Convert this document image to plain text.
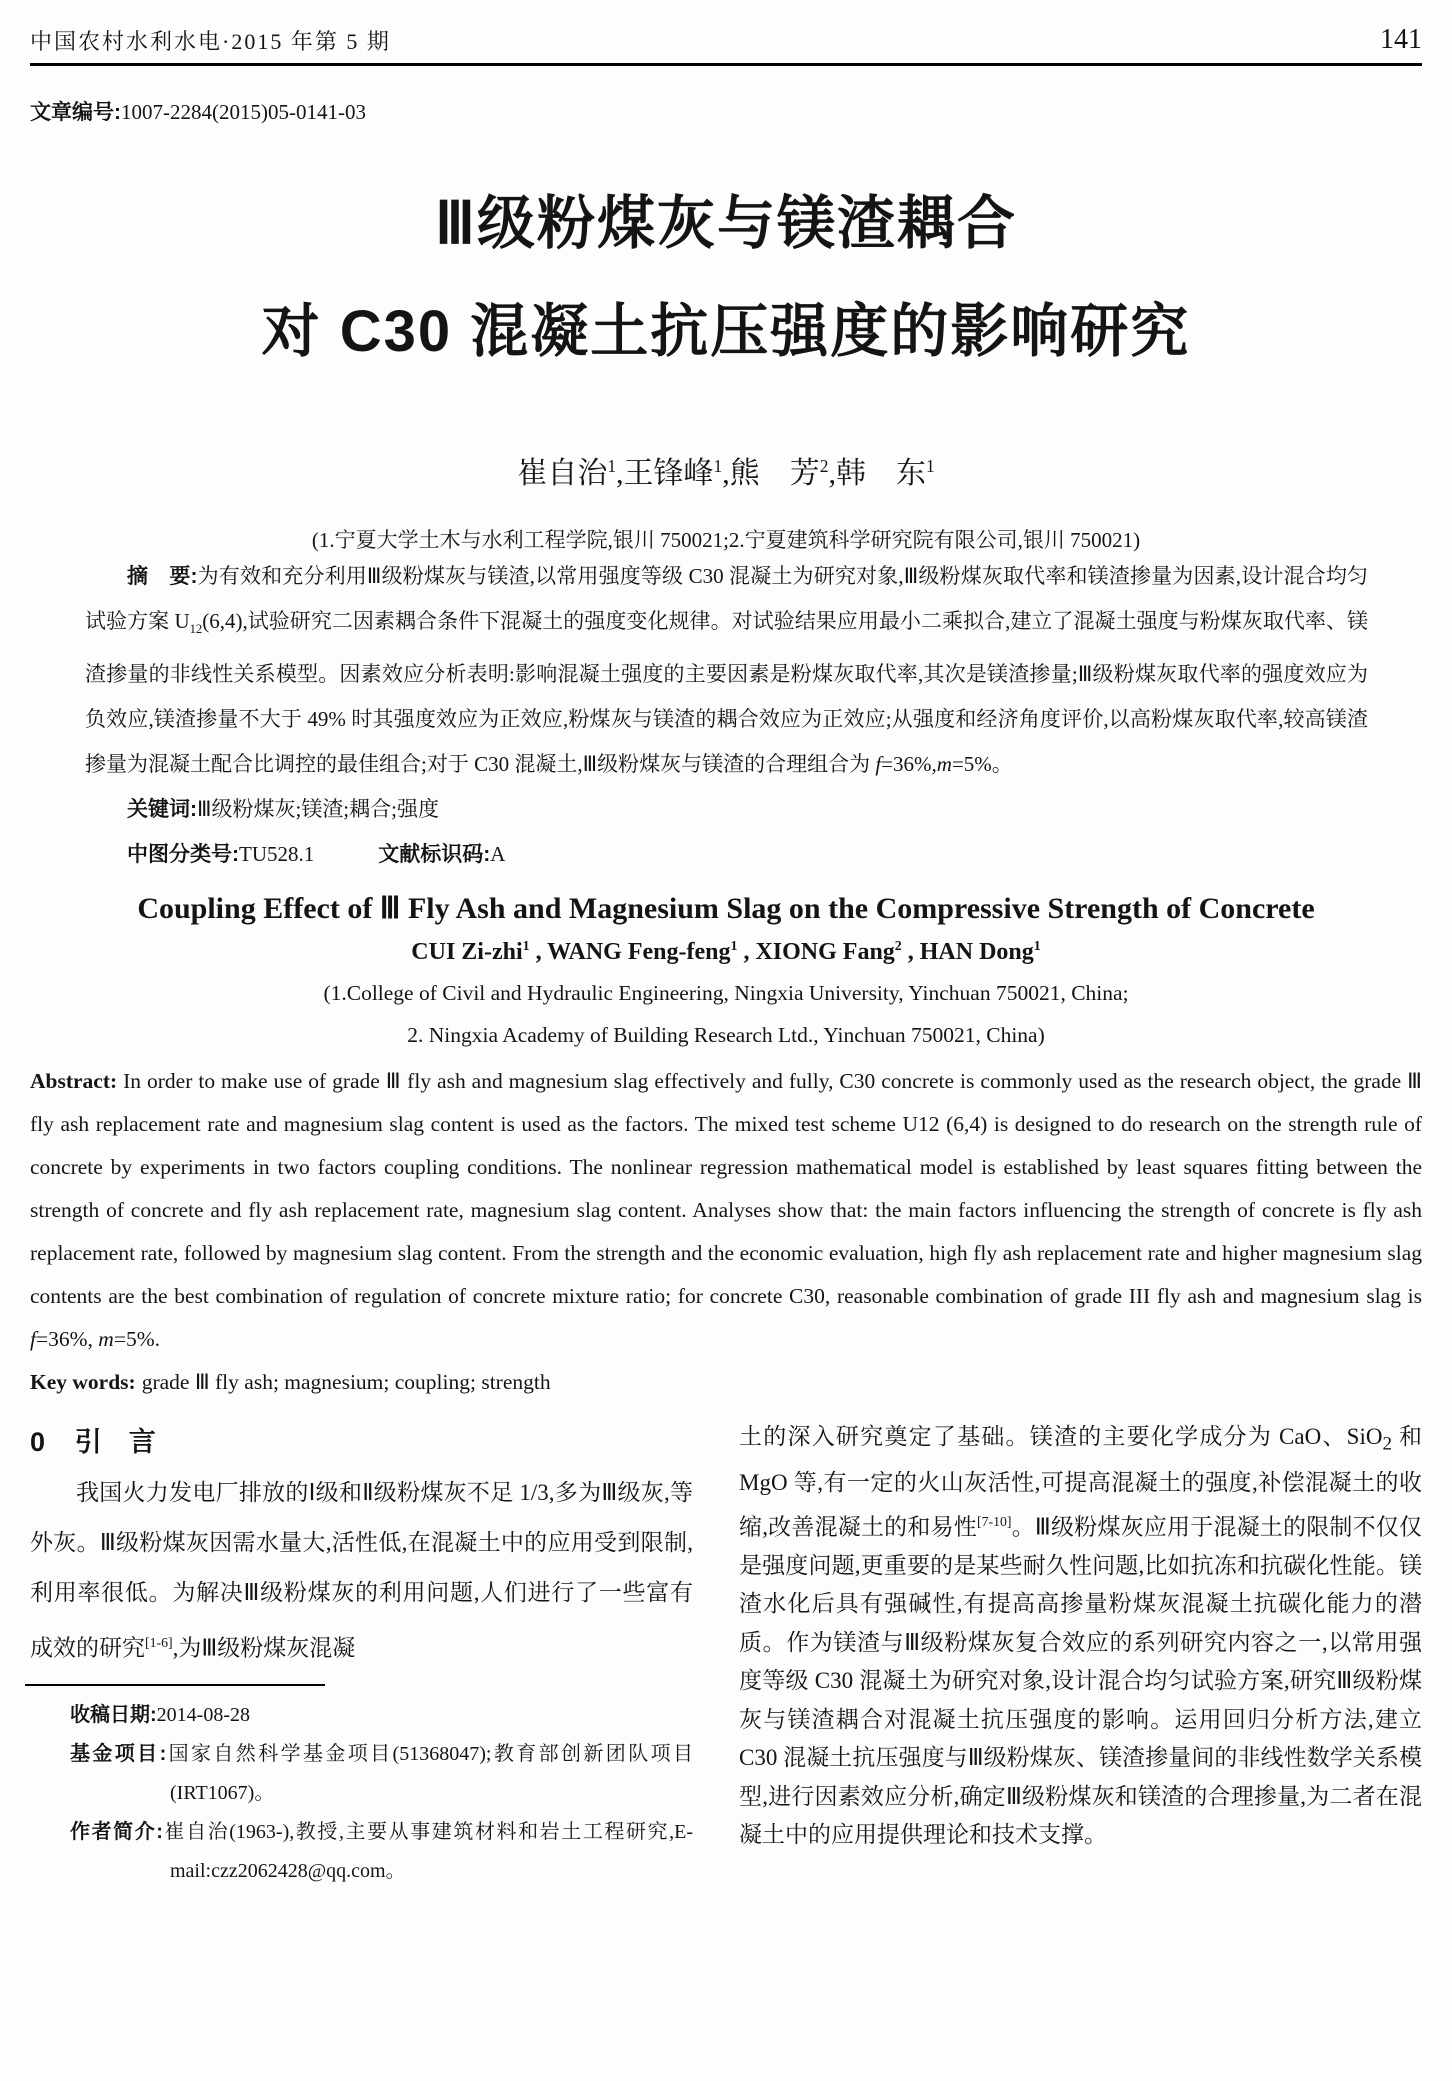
中国农村水利水电·2015 年第 5 期	141
文章编号:1007-2284(2015)05-0141-03
Ⅲ级粉煤灰与镁渣耦合
对 C30 混凝土抗压强度的影响研究
崔自治$^1$,王锋峰$^1$,熊　芳$^2$,韩　东$^1$
(1.宁夏大学土木与水利工程学院,银川 750021;2.宁夏建筑科学研究院有限公司,银川 750021)

摘　要:为有效和充分利用Ⅲ级粉煤灰与镁渣,以常用强度等级 C30 混凝土为研究对象,Ⅲ级粉煤灰取代率和镁渣掺量为因素,设计混合均匀试验方案 $U_{12}(6,4)$,试验研究二因素耦合条件下混凝土的强度变化规律。对试验结果应用最小二乘拟合,建立了混凝土强度与粉煤灰取代率、镁渣掺量的非线性关系模型。因素效应分析表明:影响混凝土强度的主要因素是粉煤灰取代率,其次是镁渣掺量;Ⅲ级粉煤灰取代率的强度效应为负效应,镁渣掺量不大于 49% 时其强度效应为正效应,粉煤灰与镁渣的耦合效应为正效应;从强度和经济角度评价,以高粉煤灰取代率,较高镁渣掺量为混凝土配合比调控的最佳组合;对于 C30 混凝土,Ⅲ级粉煤灰与镁渣的合理组合为 f=36%,m=5%。

关键词:Ⅲ级粉煤灰;镁渣;耦合;强度

中图分类号:TU528.1	文献标识码:A

Coupling Effect of Ⅲ Fly Ash and Magnesium Slag on the Compressive Strength of Concrete
CUI Zi-zhi$^1$ , WANG Feng-feng$^1$ , XIONG Fang$^2$ , HAN Dong$^1$
(1.College of Civil and Hydraulic Engineering, Ningxia University, Yinchuan 750021, China;
2. Ningxia Academy of Building Research Ltd., Yinchuan 750021, China)

Abstract: In order to make use of grade Ⅲ fly ash and magnesium slag effectively and fully, C30 concrete is commonly used as the research object, the grade Ⅲ fly ash replacement rate and magnesium slag content is used as the factors. The mixed test scheme U12 (6,4) is designed to do research on the strength rule of concrete by experiments in two factors coupling conditions. The nonlinear regression mathematical model is established by least squares fitting between the strength of concrete and fly ash replacement rate, magnesium slag content. Analyses show that: the main factors influencing the strength of concrete is fly ash replacement rate, followed by magnesium slag content. From the strength and the economic evaluation, high fly ash replacement rate and higher magnesium slag contents are the best combination of regulation of concrete mixture ratio; for concrete C30, reasonable combination of grade III fly ash and magnesium slag is f=36%, m=5%.

Key words: grade Ⅲ fly ash; magnesium; coupling; strength

0 引　言

我国火力发电厂排放的Ⅰ级和Ⅱ级粉煤灰不足 1/3,多为Ⅲ级灰,等外灰。Ⅲ级粉煤灰因需水量大,活性低,在混凝土中的应用受到限制,利用率很低。为解决Ⅲ级粉煤灰的利用问题,人们进行了一些富有成效的研究[1-6],为Ⅲ级粉煤灰混凝

收稿日期:2014-08-28
基金项目:国家自然科学基金项目(51368047);教育部创新团队项目(IRT1067)。
作者简介:崔自治(1963-),教授,主要从事建筑材料和岩土工程研究,E-mail:czz2062428@qq.com。

土的深入研究奠定了基础。镁渣的主要化学成分为 CaO、SiO$_2$ 和 MgO 等,有一定的火山灰活性,可提高混凝土的强度,补偿混凝土的收缩,改善混凝土的和易性[7-10]。Ⅲ级粉煤灰应用于混凝土的限制不仅仅是强度问题,更重要的是某些耐久性问题,比如抗冻和抗碳化性能。镁渣水化后具有强碱性,有提高高掺量粉煤灰混凝土抗碳化能力的潜质。作为镁渣与Ⅲ级粉煤灰复合效应的系列研究内容之一,以常用强度等级 C30 混凝土为研究对象,设计混合均匀试验方案,研究Ⅲ级粉煤灰与镁渣耦合对混凝土抗压强度的影响。运用回归分析方法,建立 C30 混凝土抗压强度与Ⅲ级粉煤灰、镁渣掺量间的非线性数学关系模型,进行因素效应分析,确定Ⅲ级粉煤灰和镁渣的合理掺量,为二者在混凝土中的应用提供理论和技术支撑。
